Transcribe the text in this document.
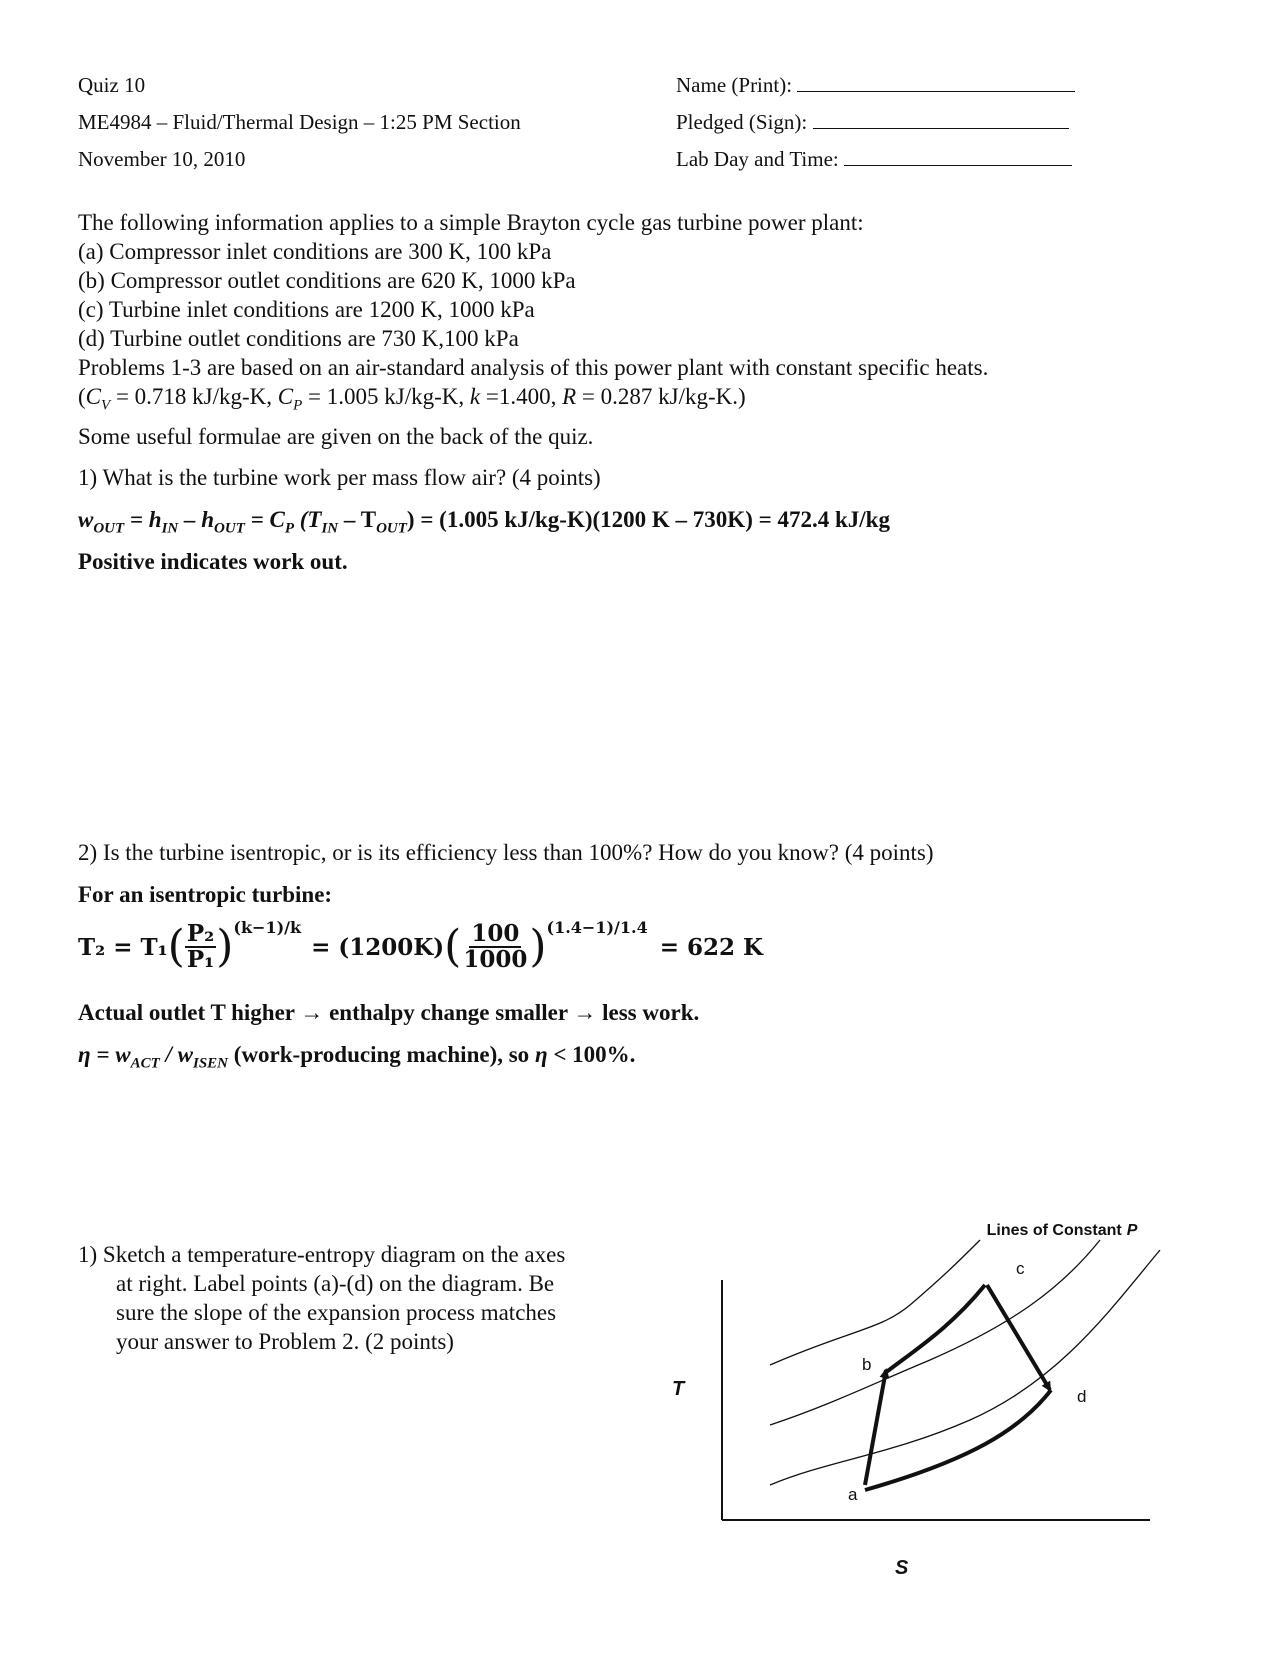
Quiz 10
ME4984 – Fluid/Thermal Design – 1:25 PM Section
November 10, 2010
Name (Print):
Pledged (Sign):
Lab Day and Time:
The following information applies to a simple Brayton cycle gas turbine power plant:
(a) Compressor inlet conditions are 300 K, 100 kPa
(b) Compressor outlet conditions are 620 K, 1000 kPa
(c) Turbine inlet conditions are 1200 K, 1000 kPa
(d) Turbine outlet conditions are 730 K,100 kPa
Problems 1-3 are based on an air-standard analysis of this power plant with constant specific heats.
($C_V = 0.718$ kJ/kg-K, $C_P = 1.005$ kJ/kg-K, k =1.400, R = 0.287 kJ/kg-K.)
Some useful formulae are given on the back of the quiz.
1) What is the turbine work per mass flow air? (4 points)
$w_{OUT} = h_{IN} - h_{OUT} = C_P$ $(T_{IN} - T_{OUT}) = (1.005$ kJ/kg-K)(1200 K – 730K) = 472.4 kJ/kg
Positive indicates work out.
2) Is the turbine isentropic, or is its efficiency less than 100%? How do you know? (4 points)
For an isentropic turbine:
T₂ = T₁ ( $\frac{\text{P₂}}{\text{P₁}}$ ) (k−1)/k
= (1200K) ( $\frac{100}{1000}$ ) (1.4−1)/1.4
= 622 K
Actual outlet T higher → enthalpy change smaller → less work.
$\eta = w_{ACT} / w_{ISEN}$ (work-producing machine), so η < 100%.
1) Sketch a temperature-entropy diagram on the axes
at right. Label points (a)-(d) on the diagram. Be
sure the slope of the expansion process matches
your answer to Problem 2. (2 points)
Lines of Constant P
T
S
a
b
c
d
